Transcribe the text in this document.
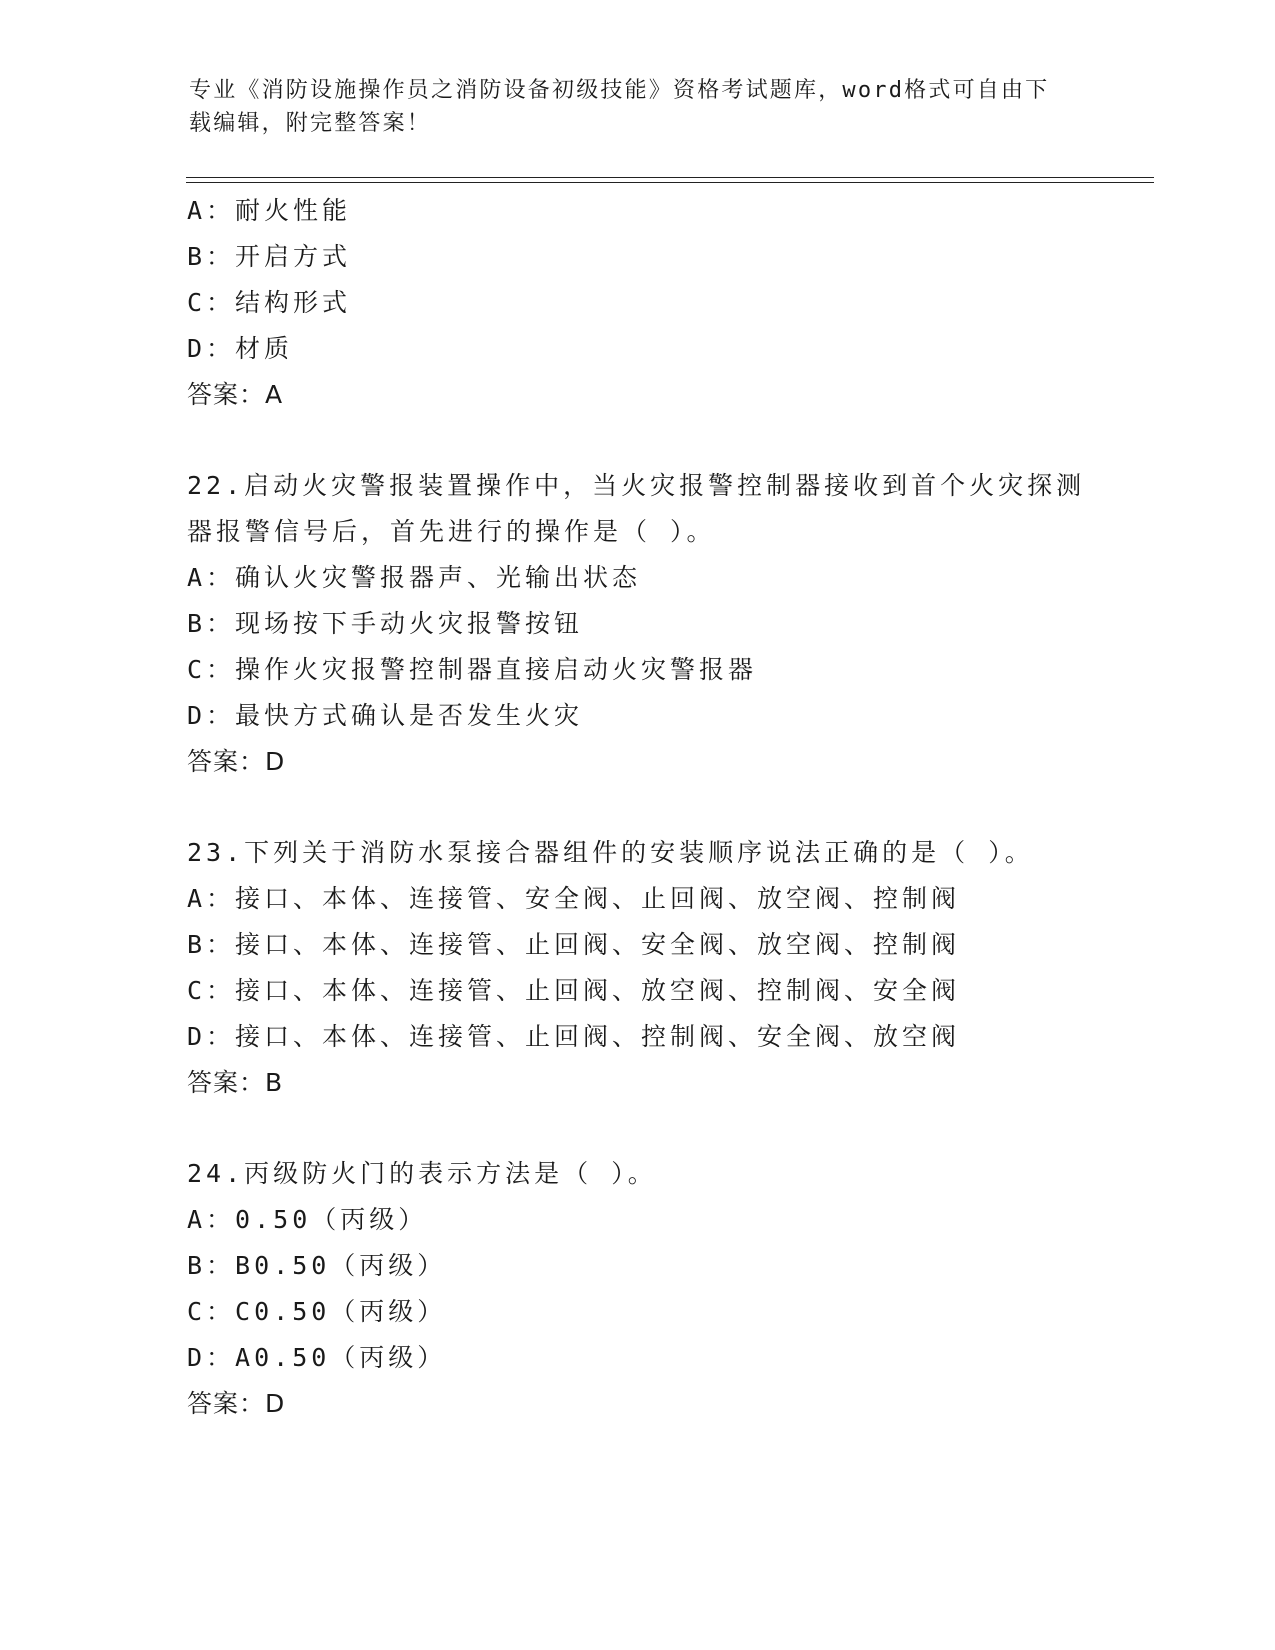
专业《消防设施操作员之消防设备初级技能》资格考试题库，word格式可自由下
载编辑，附完整答案！
A：耐火性能
B：开启方式
C：结构形式
D：材质
答案：A
22.启动火灾警报装置操作中，当火灾报警控制器接收到首个火灾探测
器报警信号后，首先进行的操作是（ ）。
A：确认火灾警报器声、光输出状态
B：现场按下手动火灾报警按钮
C：操作火灾报警控制器直接启动火灾警报器
D：最快方式确认是否发生火灾
答案：D
23.下列关于消防水泵接合器组件的安装顺序说法正确的是（ ）。
A：接口、本体、连接管、安全阀、止回阀、放空阀、控制阀
B：接口、本体、连接管、止回阀、安全阀、放空阀、控制阀
C：接口、本体、连接管、止回阀、放空阀、控制阀、安全阀
D：接口、本体、连接管、止回阀、控制阀、安全阀、放空阀
答案：B
24.丙级防火门的表示方法是（ ）。
A：0.50（丙级）
B：B0.50（丙级）
C：C0.50（丙级）
D：A0.50（丙级）
答案：D
